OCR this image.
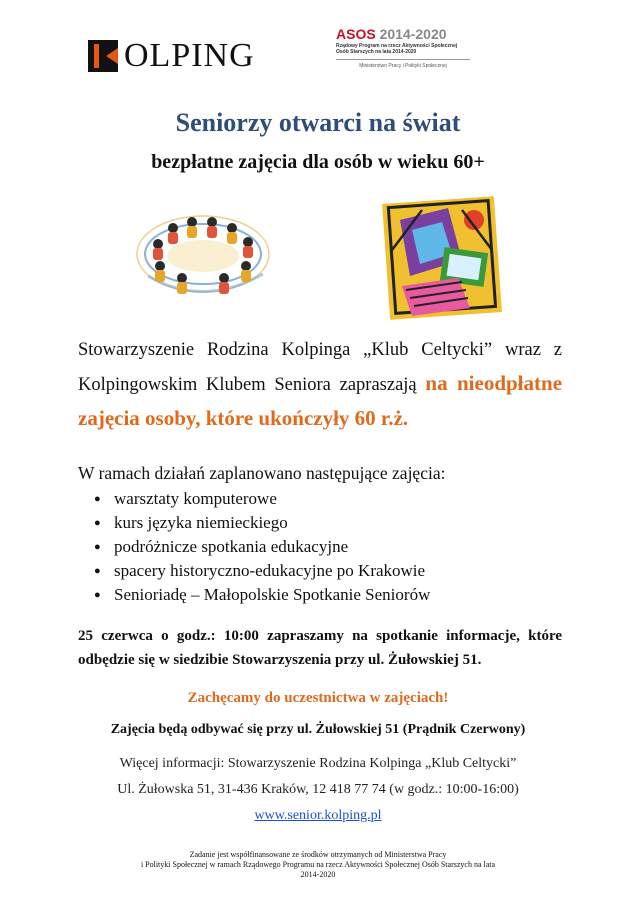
OLPING
ASOS 2014-2020
Rządowy Program na rzecz Aktywności Społecznej
Osób Starszych na lata 2014-2020
Ministerstwo Pracy i Polityki Społecznej
Seniorzy otwarci na świat
bezpłatne zajęcia dla osób w wieku 60+
Stowarzyszenie Rodzina Kolpinga „Klub Celtycki” wraz z Kolpingowskim Klubem Seniora zapraszają na nieodpłatne zajęcia osoby, które ukończyły 60 r.ż.
W ramach działań zaplanowano następujące zajęcia:
● warsztaty komputerowe
● kurs języka niemieckiego
● podróżnicze spotkania edukacyjne
● spacery historyczno-edukacyjne po Krakowie
● Senioriadę – Małopolskie Spotkanie Seniorów
25 czerwca o godz.: 10:00 zapraszamy na spotkanie informacje, które odbędzie się w siedzibie Stowarzyszenia przy ul. Żułowskiej 51.
Zachęcamy do uczestnictwa w zajęciach!
Zajęcia będą odbywać się przy ul. Żułowskiej 51 (Prądnik Czerwony)
Więcej informacji: Stowarzyszenie Rodzina Kolpinga „Klub Celtycki”
Ul. Żułowska 51, 31-436 Kraków, 12 418 77 74 (w godz.: 10:00-16:00)
www.senior.kolping.pl
Zadanie jest współfinansowane ze środków otrzymanych od Ministerstwa Pracy
i Polityki Społecznej w ramach Rządowego Programu na rzecz Aktywności Społecznej Osób Starszych na lata
2014-2020
